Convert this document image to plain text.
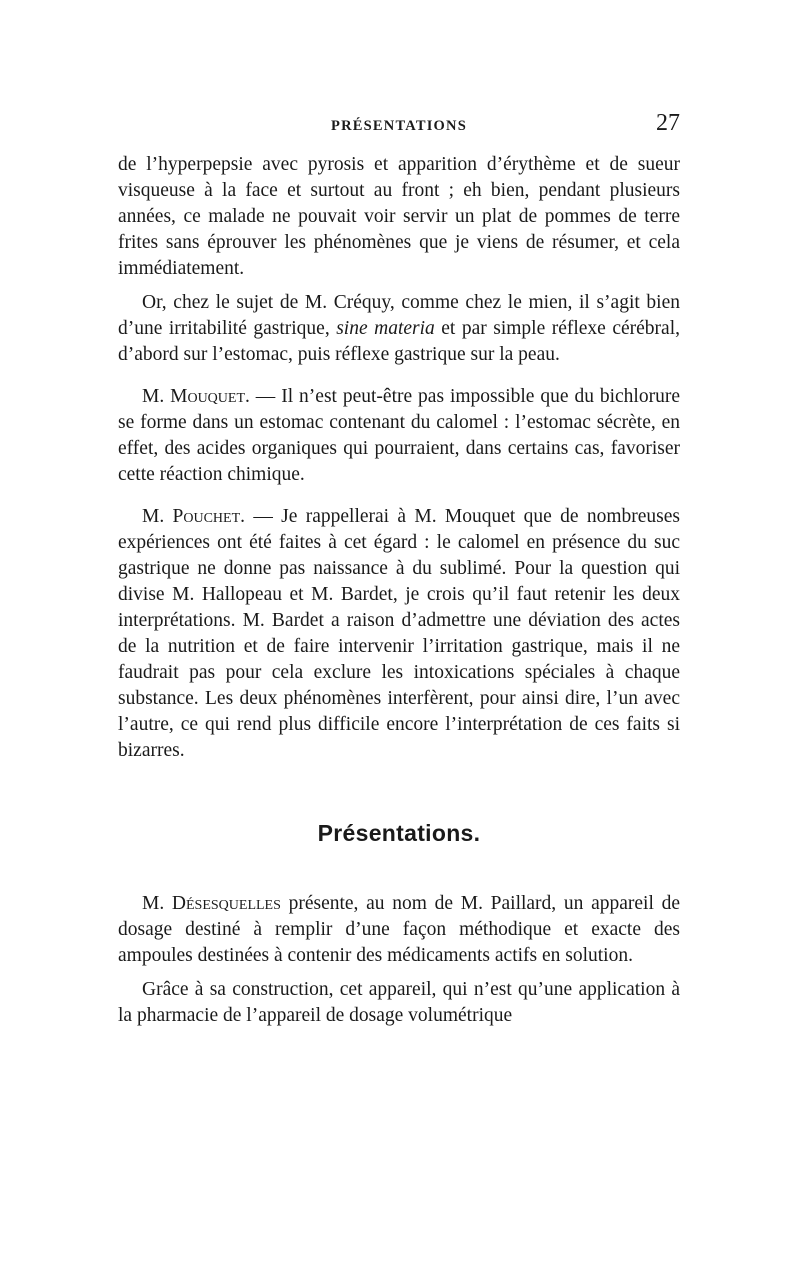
PRÉSENTATIONS	27

de l’hyperpepsie avec pyrosis et apparition d’érythème et de sueur visqueuse à la face et surtout au front ; eh bien, pendant plusieurs années, ce malade ne pouvait voir servir un plat de pommes de terre frites sans éprouver les phénomènes que je viens de résumer, et cela immédiatement.

Or, chez le sujet de M. Créquy, comme chez le mien, il s’agit bien d’une irritabilité gastrique, sine materia et par simple réflexe cérébral, d’abord sur l’estomac, puis réflexe gastrique sur la peau.

M. Mouquet. — Il n’est peut-être pas impossible que du bichlorure se forme dans un estomac contenant du calomel : l’estomac sécrète, en effet, des acides organiques qui pourraient, dans certains cas, favoriser cette réaction chimique.

M. Pouchet. — Je rappellerai à M. Mouquet que de nombreuses expériences ont été faites à cet égard : le calomel en présence du suc gastrique ne donne pas naissance à du sublimé. Pour la question qui divise M. Hallopeau et M. Bardet, je crois qu’il faut retenir les deux interprétations. M. Bardet a raison d’admettre une déviation des actes de la nutrition et de faire intervenir l’irritation gastrique, mais il ne faudrait pas pour cela exclure les intoxications spéciales à chaque substance. Les deux phénomènes interfèrent, pour ainsi dire, l’un avec l’autre, ce qui rend plus difficile encore l’interprétation de ces faits si bizarres.

Présentations.

M. Désesquelles présente, au nom de M. Paillard, un appareil de dosage destiné à remplir d’une façon méthodique et exacte des ampoules destinées à contenir des médicaments actifs en solution.

Grâce à sa construction, cet appareil, qui n’est qu’une application à la pharmacie de l’appareil de dosage volumétrique
